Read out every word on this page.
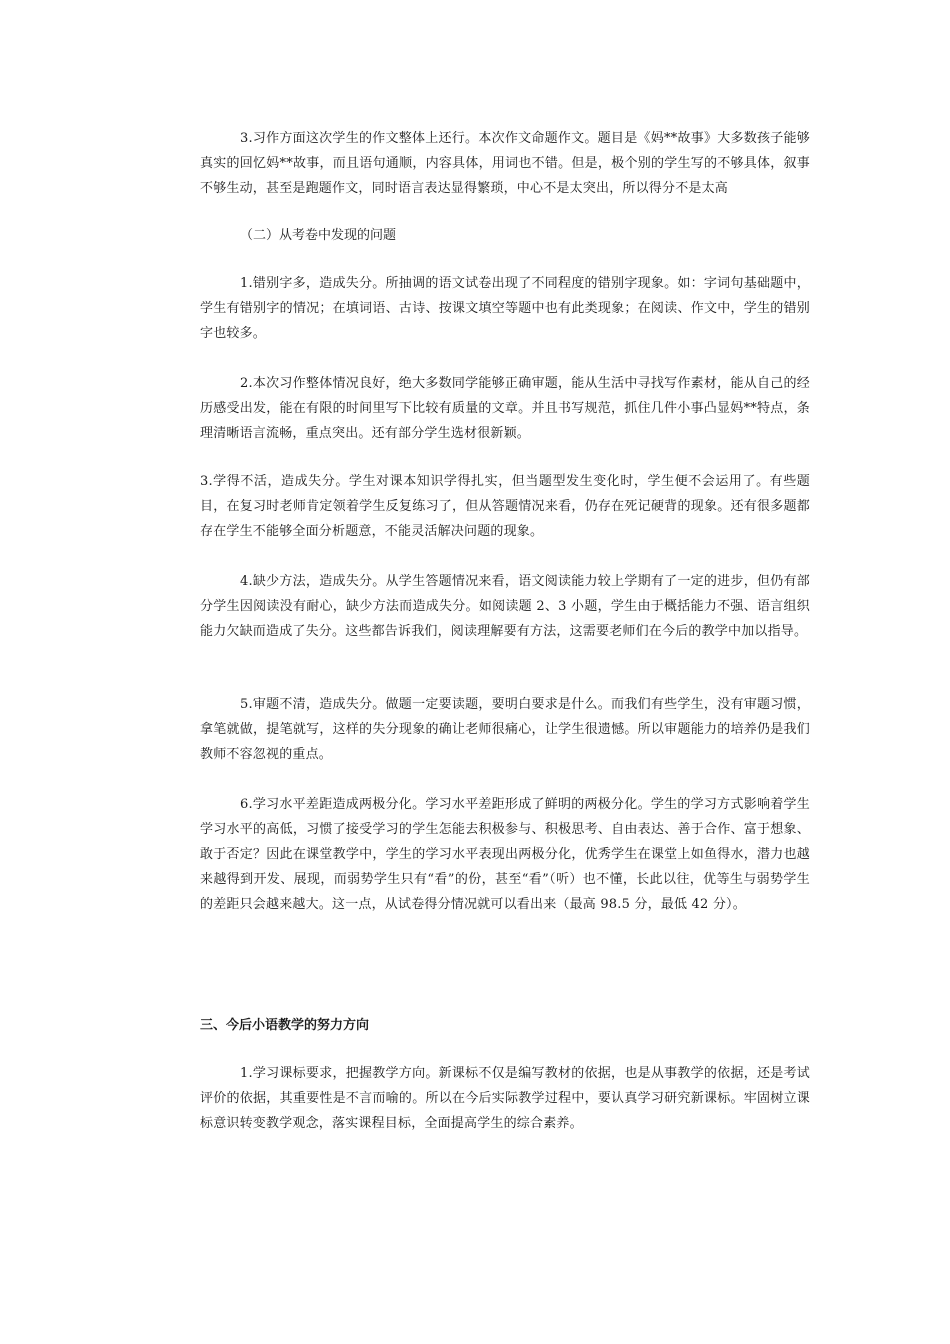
3.习作方面这次学生的作文整体上还行。本次作文命题作文。题目是《妈**故事》大多数孩子能够真实的回忆妈**故事，而且语句通顺，内容具体，用词也不错。但是，极个别的学生写的不够具体，叙事不够生动，甚至是跑题作文，同时语言表达显得繁琐，中心不是太突出，所以得分不是太高

（二）从考卷中发现的问题

1.错别字多，造成失分。所抽调的语文试卷出现了不同程度的错别字现象。如：字词句基础题中，学生有错别字的情况；在填词语、古诗、按课文填空等题中也有此类现象；在阅读、作文中，学生的错别字也较多。

2.本次习作整体情况良好，绝大多数同学能够正确审题，能从生活中寻找写作素材，能从自己的经历感受出发，能在有限的时间里写下比较有质量的文章。并且书写规范，抓住几件小事凸显妈**特点，条理清晰语言流畅，重点突出。还有部分学生选材很新颖。

3.学得不活，造成失分。学生对课本知识学得扎实，但当题型发生变化时，学生便不会运用了。有些题目，在复习时老师肯定领着学生反复练习了，但从答题情况来看，仍存在死记硬背的现象。还有很多题都存在学生不能够全面分析题意，不能灵活解决问题的现象。

4.缺少方法，造成失分。从学生答题情况来看，语文阅读能力较上学期有了一定的进步，但仍有部分学生因阅读没有耐心，缺少方法而造成失分。如阅读题 2、3 小题，学生由于概括能力不强、语言组织能力欠缺而造成了失分。这些都告诉我们，阅读理解要有方法，这需要老师们在今后的教学中加以指导。

5.审题不清，造成失分。做题一定要读题，要明白要求是什么。而我们有些学生，没有审题习惯，拿笔就做，提笔就写，这样的失分现象的确让老师很痛心，让学生很遗憾。所以审题能力的培养仍是我们教师不容忽视的重点。

6.学习水平差距造成两极分化。学习水平差距形成了鲜明的两极分化。学生的学习方式影响着学生学习水平的高低，习惯了接受学习的学生怎能去积极参与、积极思考、自由表达、善于合作、富于想象、敢于否定？因此在课堂教学中，学生的学习水平表现出两极分化，优秀学生在课堂上如鱼得水，潜力也越来越得到开发、展现，而弱势学生只有“看”的份，甚至“看”（听）也不懂，长此以往，优等生与弱势学生的差距只会越来越大。这一点，从试卷得分情况就可以看出来（最高 98.5 分，最低 42 分）。

三、今后小语教学的努力方向

1.学习课标要求，把握教学方向。新课标不仅是编写教材的依据，也是从事教学的依据，还是考试评价的依据，其重要性是不言而喻的。所以在今后实际教学过程中，要认真学习研究新课标。牢固树立课标意识转变教学观念，落实课程目标，全面提高学生的综合素养。
